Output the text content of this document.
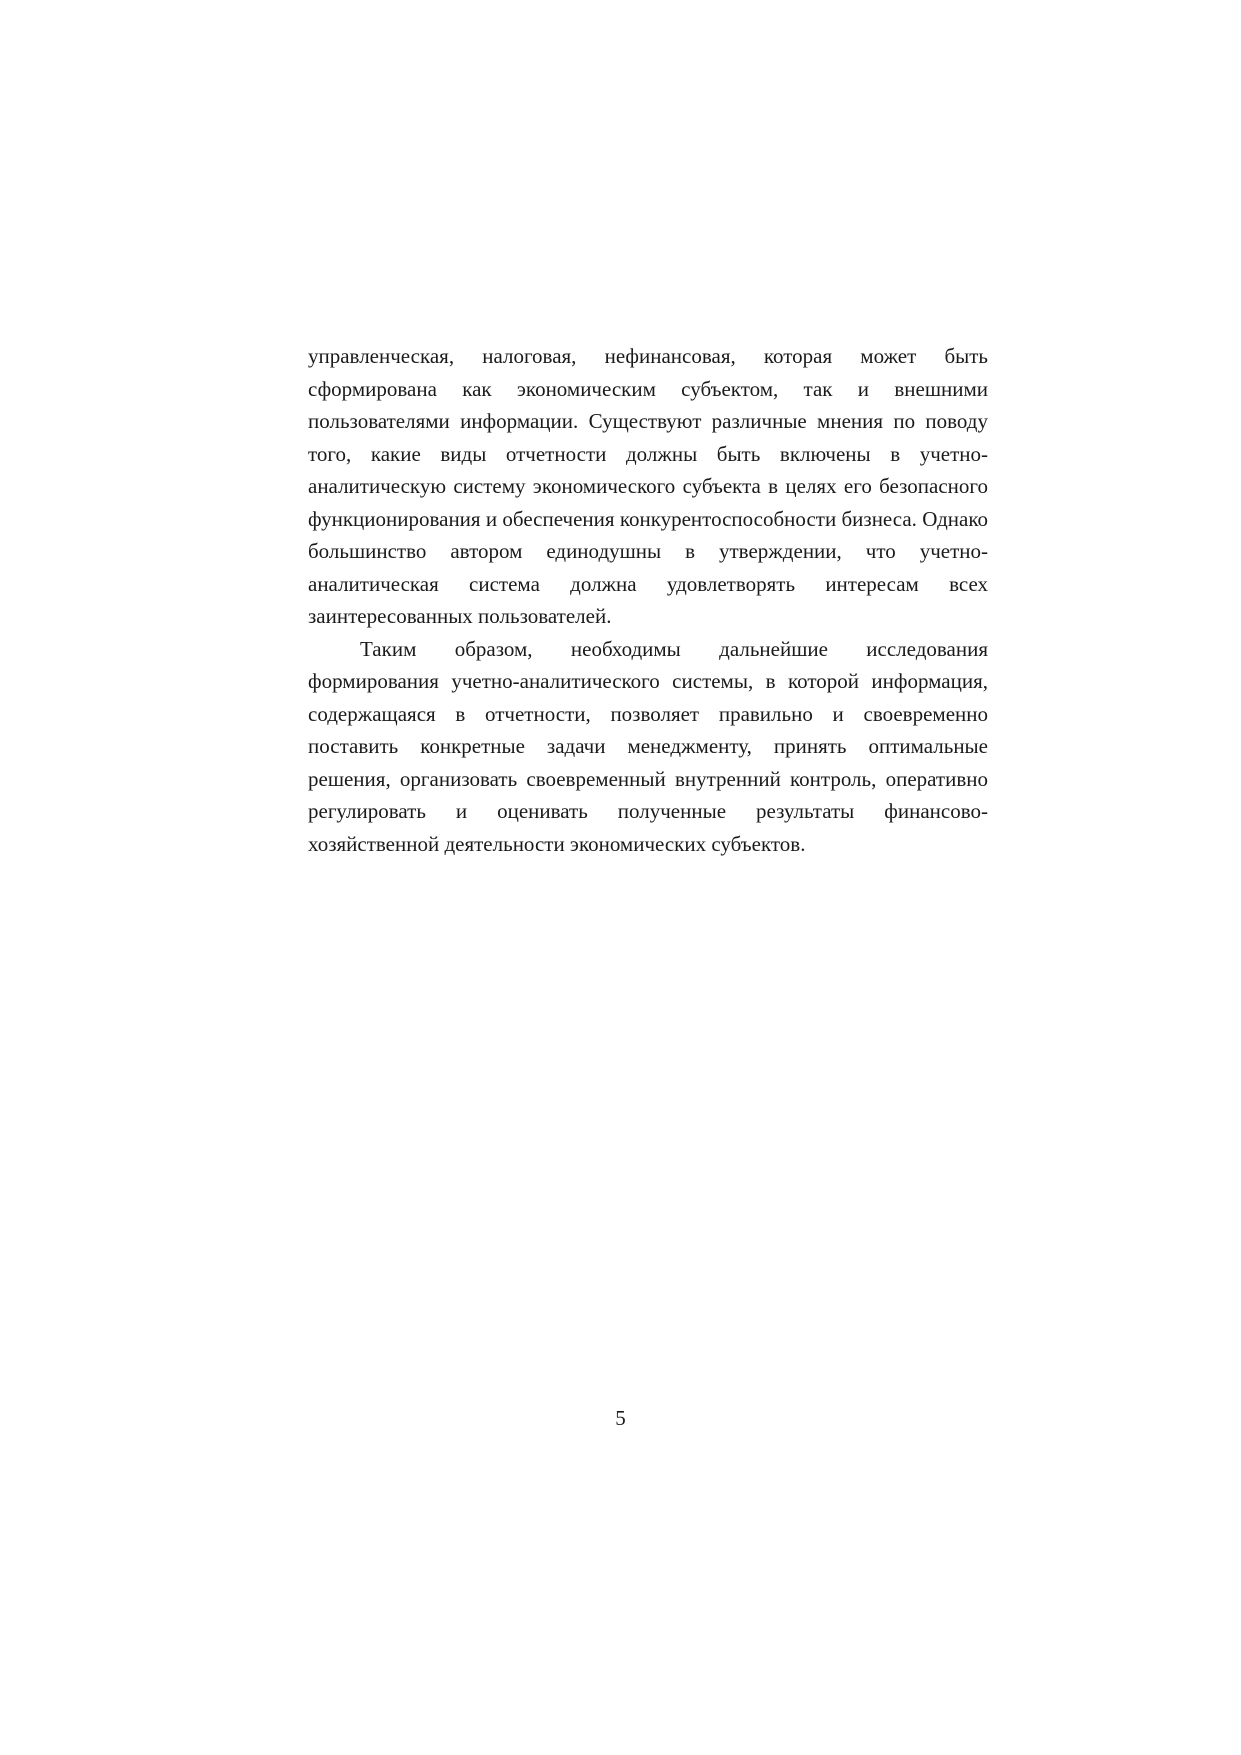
управленческая, налоговая, нефинансовая, которая может быть сформирована как экономическим субъектом, так и внешними пользователями информации. Существуют различные мнения по поводу того, какие виды отчетности должны быть включены в учетно-аналитическую систему экономического субъекта в целях его безопасного функционирования и обеспечения конкурентоспособности бизнеса. Однако большинство автором единодушны в утверждении, что учетно-аналитическая система должна удовлетворять интересам всех заинтересованных пользователей.

Таким образом, необходимы дальнейшие исследования формирования учетно-аналитического системы, в которой информация, содержащаяся в отчетности, позволяет правильно и своевременно поставить конкретные задачи менеджменту, принять оптимальные решения, организовать своевременный внутренний контроль, оперативно регулировать и оценивать полученные результаты финансово-хозяйственной деятельности экономических субъектов.

5
